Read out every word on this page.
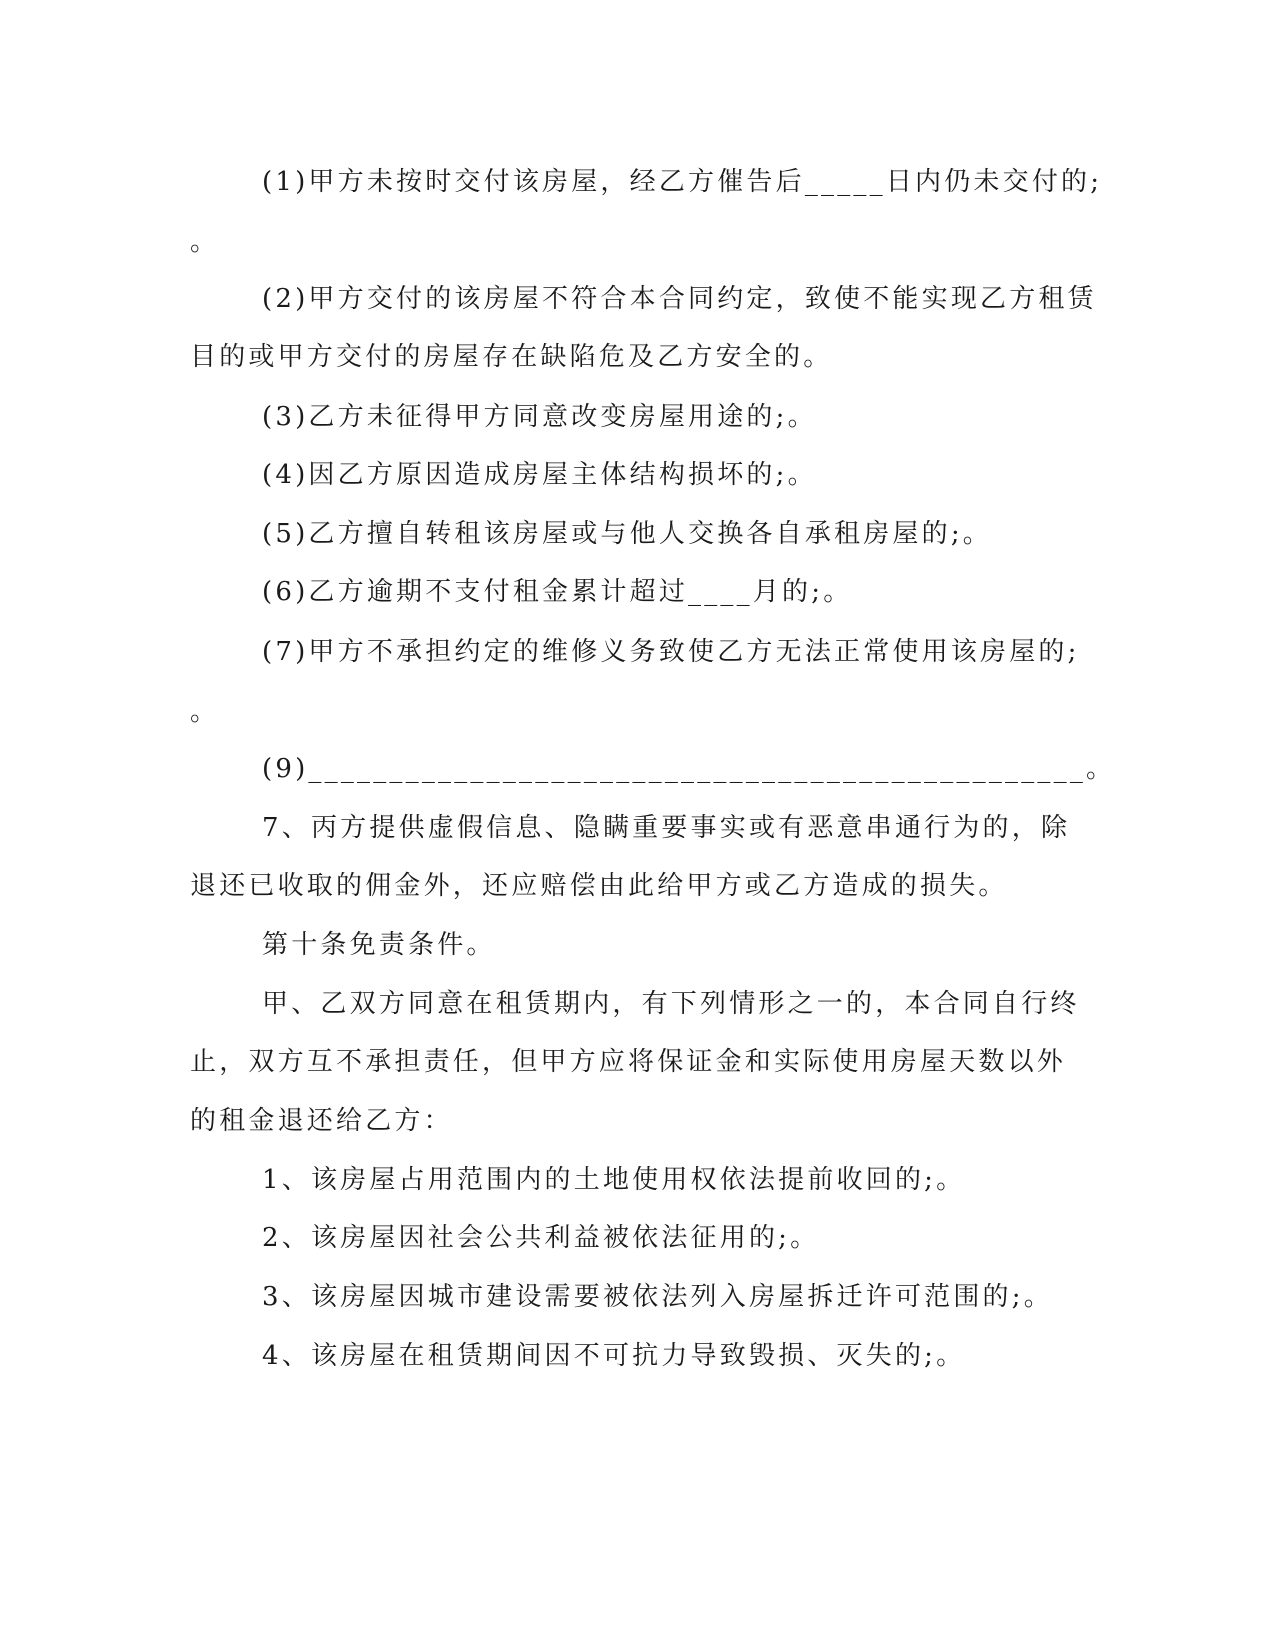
(1)甲方未按时交付该房屋，经乙方催告后_____日内仍未交付的;
。
(2)甲方交付的该房屋不符合本合同约定，致使不能实现乙方租赁
目的或甲方交付的房屋存在缺陷危及乙方安全的。
(3)乙方未征得甲方同意改变房屋用途的;。
(4)因乙方原因造成房屋主体结构损坏的;。
(5)乙方擅自转租该房屋或与他人交换各自承租房屋的;。
(6)乙方逾期不支付租金累计超过____月的;。
(7)甲方不承担约定的维修义务致使乙方无法正常使用该房屋的;
。
(9)________________________________________________。
7、丙方提供虚假信息、隐瞒重要事实或有恶意串通行为的，除
退还已收取的佣金外，还应赔偿由此给甲方或乙方造成的损失。
第十条免责条件。
甲、乙双方同意在租赁期内，有下列情形之一的，本合同自行终
止，双方互不承担责任，但甲方应将保证金和实际使用房屋天数以外
的租金退还给乙方：
1、该房屋占用范围内的土地使用权依法提前收回的;。
2、该房屋因社会公共利益被依法征用的;。
3、该房屋因城市建设需要被依法列入房屋拆迁许可范围的;。
4、该房屋在租赁期间因不可抗力导致毁损、灭失的;。
